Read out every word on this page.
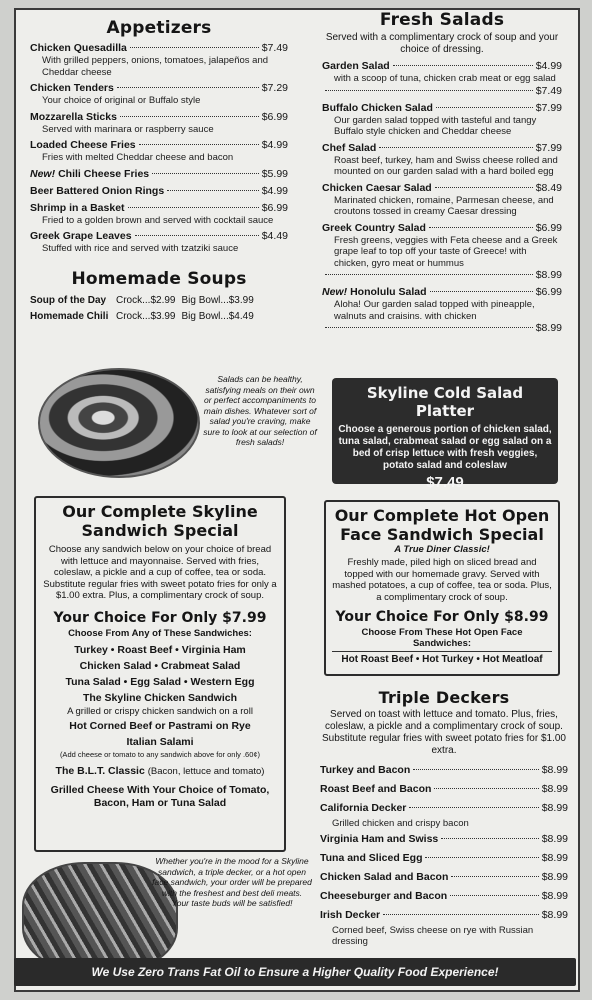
Appetizers
Chicken Quesadilla	$7.49
With grilled peppers, onions, tomatoes, jalapeños and Cheddar cheese
Chicken Tenders	$7.29
Your choice of original or Buffalo style
Mozzarella Sticks	$6.99
Served with marinara or raspberry sauce
Loaded Cheese Fries	$4.99
Fries with melted Cheddar cheese and bacon
New! Chili Cheese Fries	$5.99
Beer Battered Onion Rings	$4.99
Shrimp in a Basket	$6.99
Fried to a golden brown and served with cocktail sauce
Greek Grape Leaves	$4.49
Stuffed with rice and served with tzatziki sauce
Homemade Soups
Soup of the Day Crock...$2.99 Big Bowl...$3.99
Homemade Chili Crock...$3.99 Big Bowl...$4.49
Salads can be healthy, satisfying meals on their own or perfect accompaniments to main dishes. Whatever sort of salad you're craving, make sure to look at our selection of fresh salads!
Fresh Salads
Served with a complimentary crock of soup and your choice of dressing.
Garden Salad	$4.99
with a scoop of tuna, chicken crab meat or egg salad
$7.49
Buffalo Chicken Salad	$7.99
Our garden salad topped with tasteful and tangy Buffalo style chicken and Cheddar cheese
Chef Salad	$7.99
Roast beef, turkey, ham and Swiss cheese rolled and mounted on our garden salad with a hard boiled egg
Chicken Caesar Salad	$8.49
Marinated chicken, romaine, Parmesan cheese, and croutons tossed in creamy Caesar dressing
Greek Country Salad	$6.99
Fresh greens, veggies with Feta cheese and a Greek grape leaf to top off your taste of Greece! with chicken, gyro meat or hummus
$8.99
New! Honolulu Salad	$6.99
Aloha! Our garden salad topped with pineapple, walnuts and craisins. with chicken
$8.99
Skyline Cold Salad Platter
Choose a generous portion of chicken salad, tuna salad, crabmeat salad or egg salad on a bed of crisp lettuce with fresh veggies, potato salad and coleslaw
$7.49
Our Complete Skyline Sandwich Special
Choose any sandwich below on your choice of bread with lettuce and mayonnaise. Served with fries, coleslaw, a pickle and a cup of coffee, tea or soda. Substitute regular fries with sweet potato fries for only a $1.00 extra. Plus, a complimentary crock of soup.
Your Choice For Only $7.99
Choose From Any of These Sandwiches:
Turkey • Roast Beef • Virginia Ham
Chicken Salad • Crabmeat Salad
Tuna Salad • Egg Salad • Western Egg
The Skyline Chicken Sandwich
A grilled or crispy chicken sandwich on a roll
Hot Corned Beef or Pastrami on Rye
Italian Salami
(Add cheese or tomato to any sandwich above for only .60¢)
The B.L.T. Classic (Bacon, lettuce and tomato)
Grilled Cheese With Your Choice of Tomato, Bacon, Ham or Tuna Salad
Our Complete Hot Open Face Sandwich Special
A True Diner Classic!
Freshly made, piled high on sliced bread and topped with our homemade gravy. Served with mashed potatoes, a cup of coffee, tea or soda. Plus, a complimentary crock of soup.
Your Choice For Only $8.99
Choose From These Hot Open Face Sandwiches:
Hot Roast Beef • Hot Turkey • Hot Meatloaf
Triple Deckers
Served on toast with lettuce and tomato. Plus, fries, coleslaw, a pickle and a complimentary crock of soup. Substitute regular fries with sweet potato fries for $1.00 extra.
Turkey and Bacon	$8.99
Roast Beef and Bacon	$8.99
California Decker	$8.99
Grilled chicken and crispy bacon
Virginia Ham and Swiss	$8.99
Tuna and Sliced Egg	$8.99
Chicken Salad and Bacon	$8.99
Cheeseburger and Bacon	$8.99
Irish Decker	$8.99
Corned beef, Swiss cheese on rye with Russian dressing
Whether you're in the mood for a Skyline sandwich, a triple decker, or a hot open face sandwich, your order will be prepared with the freshest and best deli meats. Your taste buds will be satisfied!
We Use Zero Trans Fat Oil to Ensure a Higher Quality Food Experience!
